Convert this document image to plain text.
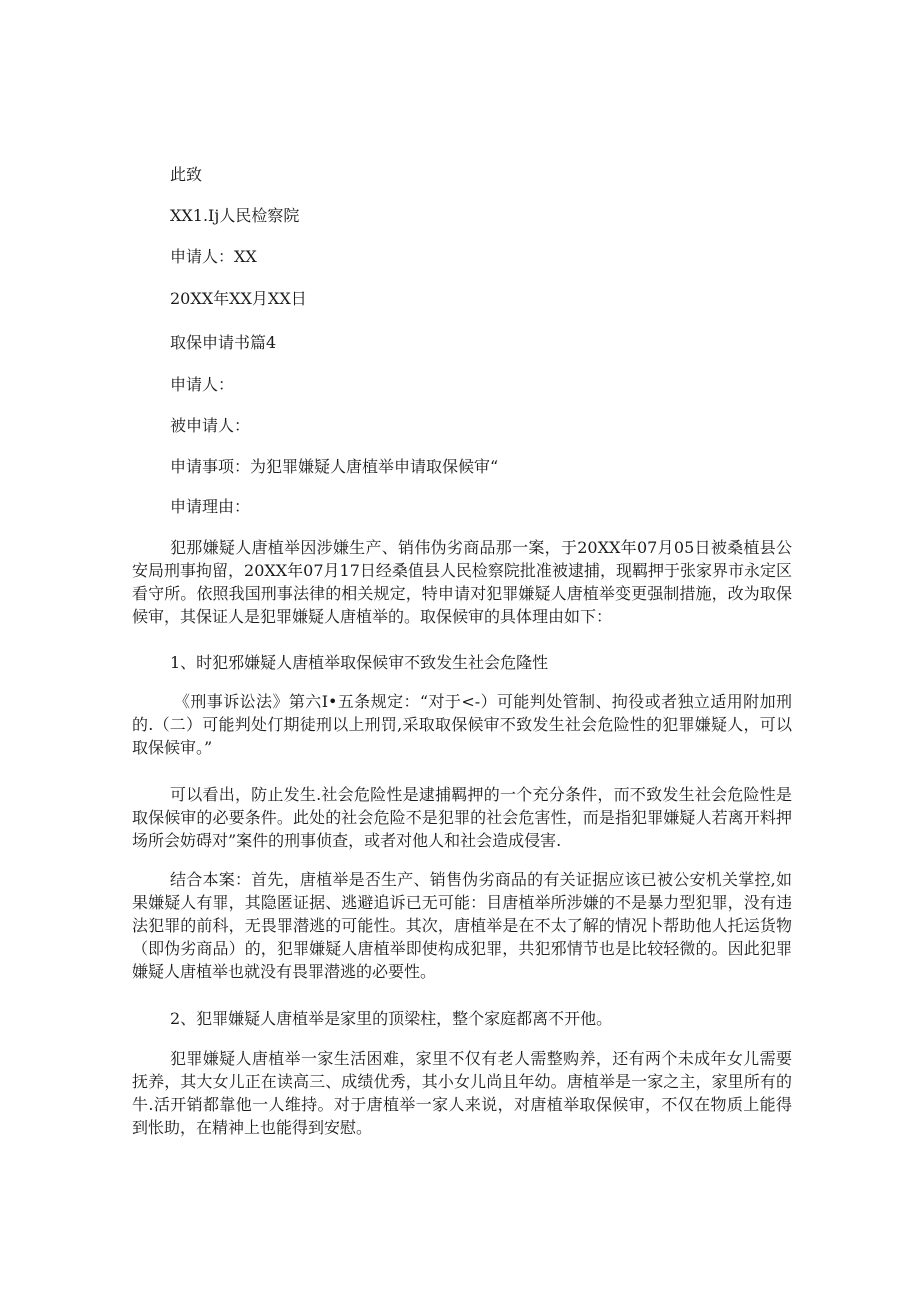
此致

XX1.Ij人民检察院

申请人：XX

20XX年XX月XX日

取保申请书篇4

申请人：

被申请人：

申请事项：为犯罪嫌疑人唐植举申请取保候审“

申请理由：

犯那嫌疑人唐植举因涉嫌生产、销伟伪劣商品那一案，于20XX年07月05日被桑植县公安局刑事拘留，20XX年07月17日经桑值县人民检察院批准被逮捕，现羁押于张家界市永定区看守所。依照我国刑事法律的相关规定，特申请对犯罪嫌疑人唐植举变更强制措施，改为取保候审，其保证人是犯罪嫌疑人唐植举的。取保候审的具体理由如下：

1、时犯邪嫌疑人唐植举取保候审不致发生社会危隆性

《刑事诉讼法》第六I•五条规定：“对于<-）可能判处管制、拘役或者独立适用附加刑的.（二）可能判处仃期徒刑以上刑罚,采取取保候审不致发生社会危险性的犯罪嫌疑人，可以取保候审。”

可以看出，防止发生.社会危险性是逮捕羁押的一个充分条件，而不致发生社会危险性是取保候审的必要条件。此处的社会危险不是犯罪的社会危害性，而是指犯罪嫌疑人若离开料押场所会妨碍对”案件的刑事侦查，或者对他人和社会造成侵害.

结合本案：首先，唐植举是否生产、销售伪劣商品的有关证据应该已被公安机关掌控,如果嫌疑人有罪，其隐匿证据、逃避追诉已无可能：目唐植举所涉嫌的不是暴力型犯罪，没有违法犯罪的前科，无畏罪潜逃的可能性。其次，唐植举是在不太了解的情况卜帮助他人托运货物（即伪劣商品）的，犯罪嫌疑人唐植举即使构成犯罪，共犯邪情节也是比较轻微的。因此犯罪嫌疑人唐植举也就没有畏罪潜逃的必要性。

2、犯罪嫌疑人唐植举是家里的顶梁柱，整个家庭都离不开他。

犯罪嫌疑人唐植举一家生活困难，家里不仅有老人需整购养，还有两个未成年女儿需要抚养，其大女儿正在读高三、成绩优秀，其小女儿尚且年幼。唐植举是一家之主，家里所有的牛.活开销都靠他一人维持。对于唐植举一家人来说，对唐植举取保候审，不仅在物质上能得到怅助，在精神上也能得到安慰。
